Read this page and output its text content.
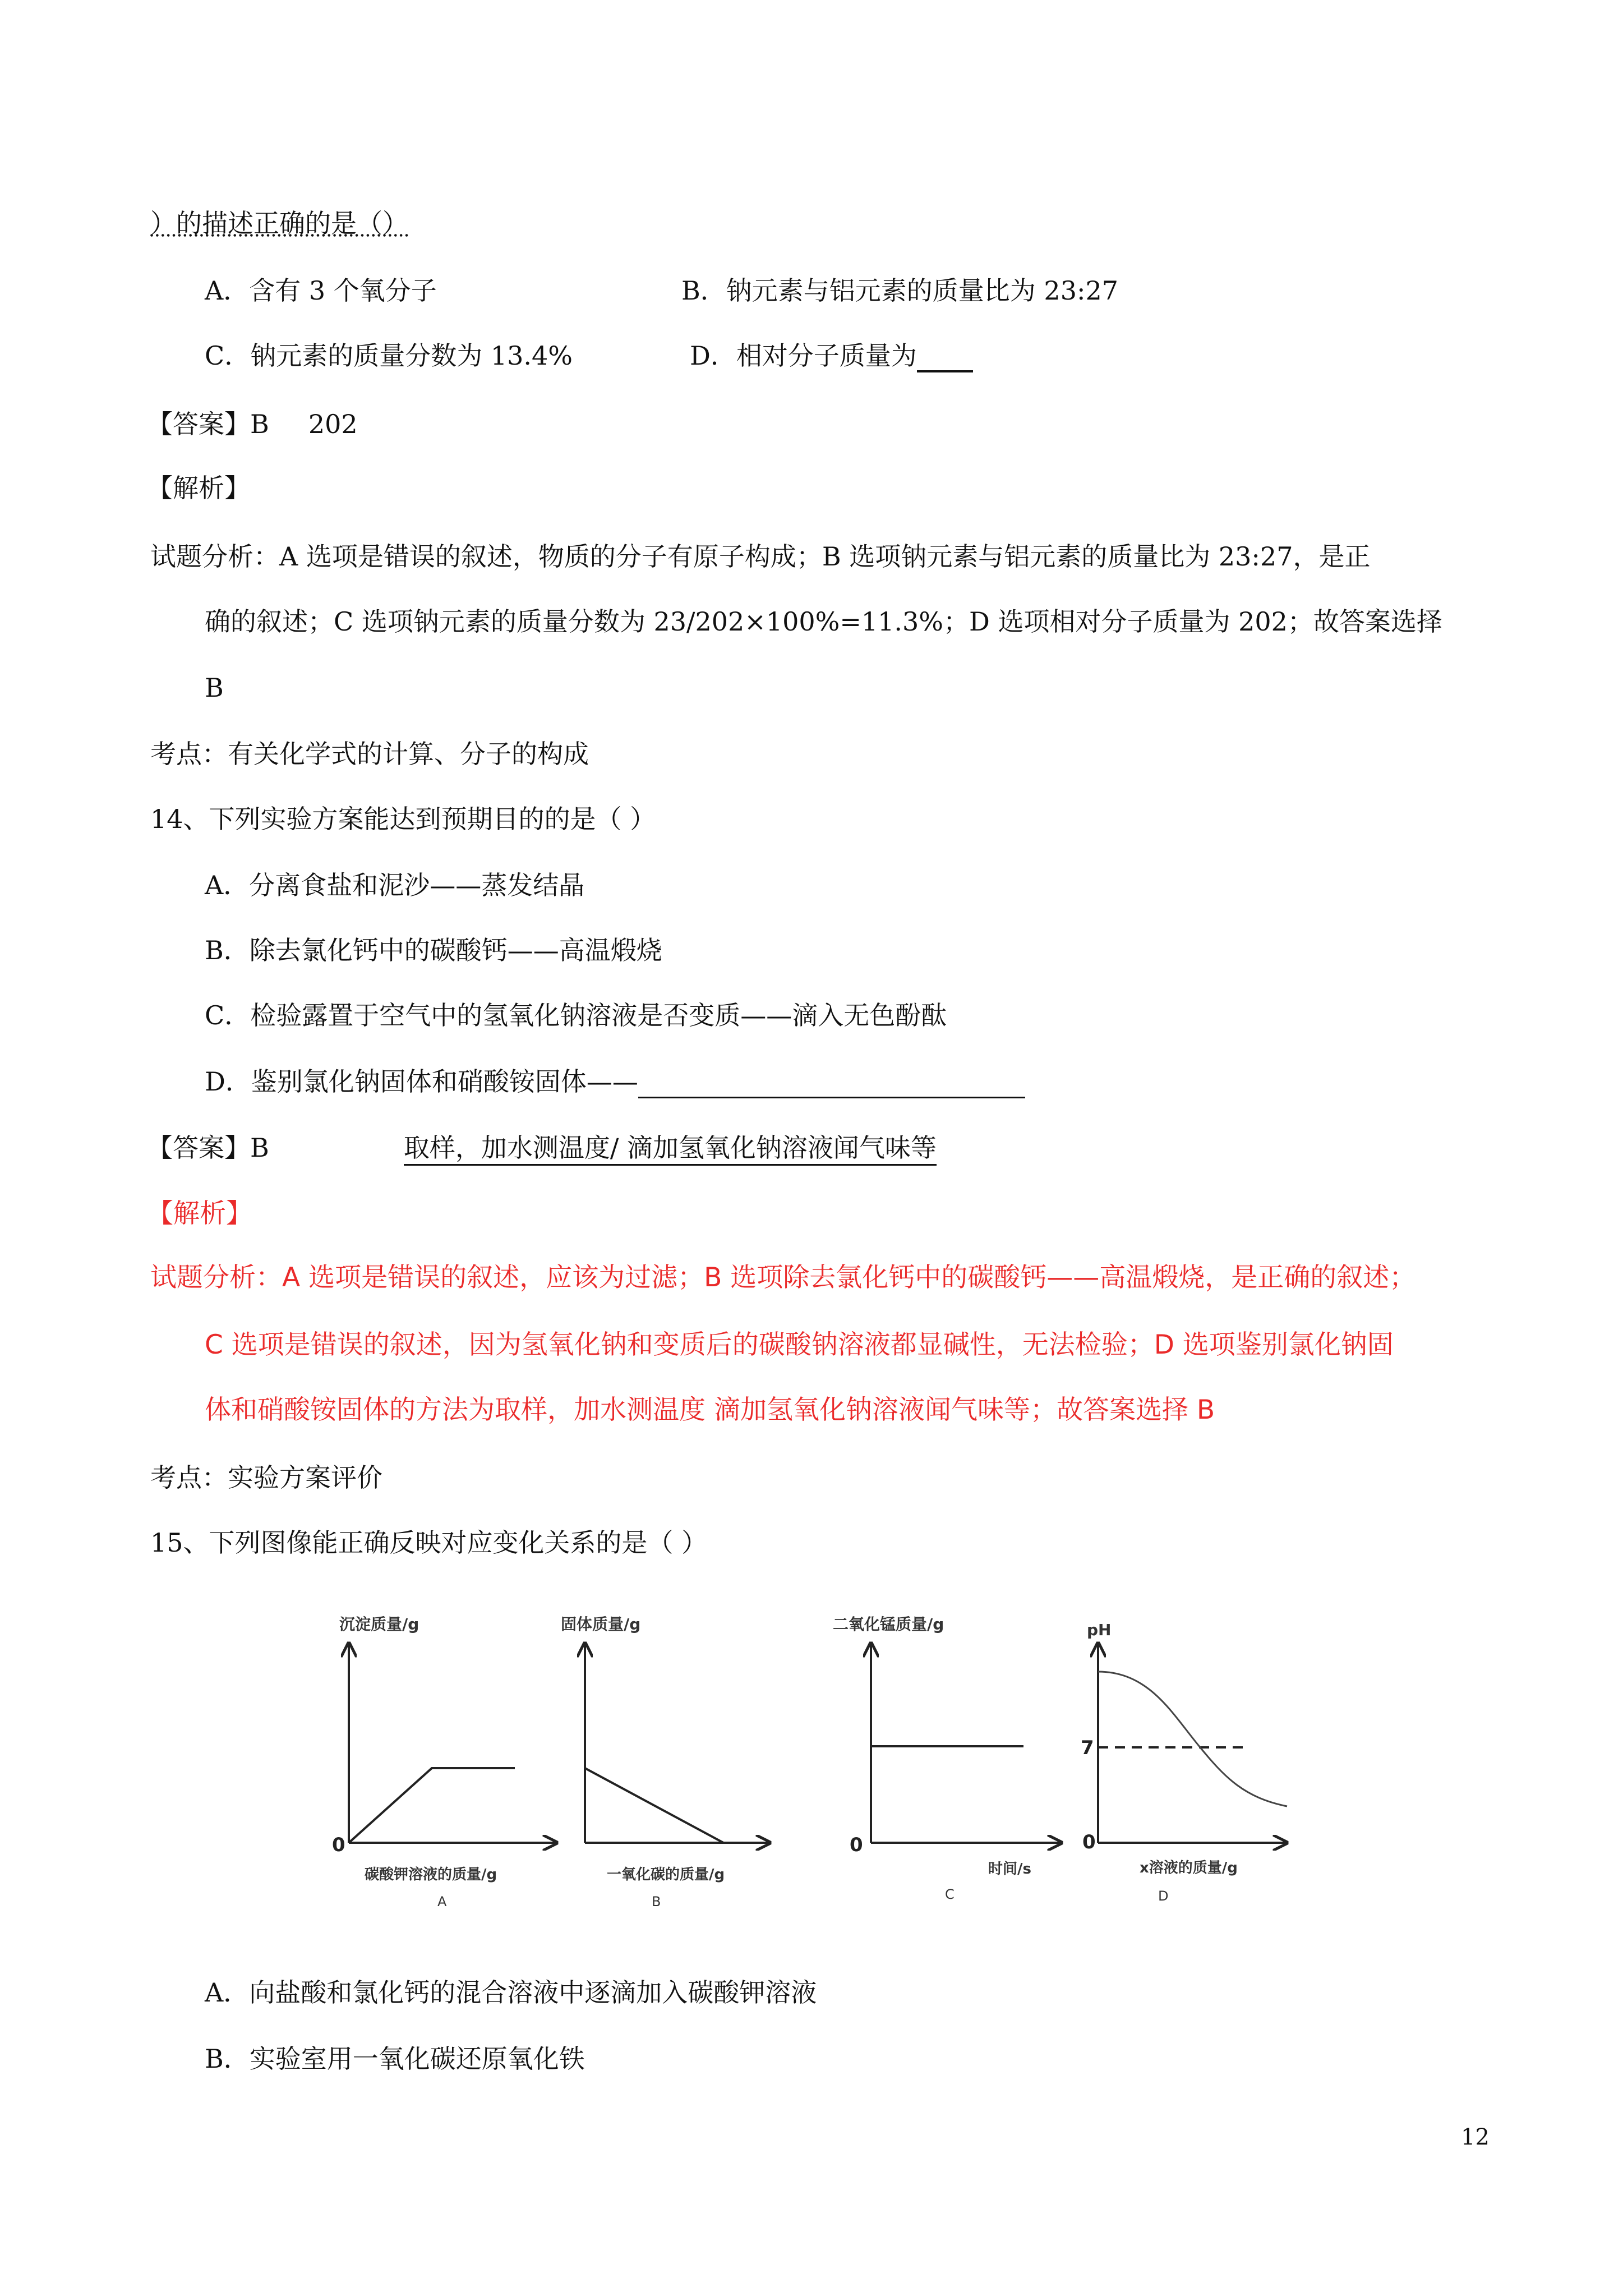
）的描述正确的是（）
A．含有 3 个氧分子	B．钠元素与铝元素的质量比为 23:27
C．钠元素的质量分数为 13.4%	D．相对分子质量为
【答案】B 202
【解析】
试题分析：A 选项是错误的叙述，物质的分子有原子构成；B 选项钠元素与铝元素的质量比为 23:27，是正
确的叙述；C 选项钠元素的质量分数为 23/202×100%=11.3%；D 选项相对分子质量为 202；故答案选择
B
考点：有关化学式的计算、分子的构成
14、下列实验方案能达到预期目的的是（ ）
A．分离食盐和泥沙——蒸发结晶
B．除去氯化钙中的碳酸钙——高温煅烧
C．检验露置于空气中的氢氧化钠溶液是否变质——滴入无色酚酞
D．鉴别氯化钠固体和硝酸铵固体——
【答案】B	取样，加水测温度/ 滴加氢氧化钠溶液闻气味等
【解析】
试题分析：A 选项是错误的叙述，应该为过滤；B 选项除去氯化钙中的碳酸钙——高温煅烧，是正确的叙述；
C 选项是错误的叙述，因为氢氧化钠和变质后的碳酸钠溶液都显碱性，无法检验；D 选项鉴别氯化钠固
体和硝酸铵固体的方法为取样，加水测温度 滴加氢氧化钠溶液闻气味等；故答案选择 B
考点：实验方案评价
15、下列图像能正确反映对应变化关系的是（ ）
沉淀质量/g
0
碳酸钾溶液的质量/g
A
固体质量/g
一氧化碳的质量/g
B
二氧化锰质量/g
0
时间/s
C
pH
0
7
x溶液的质量/g
D
A．向盐酸和氯化钙的混合溶液中逐滴加入碳酸钾溶液
B．实验室用一氧化碳还原氧化铁
12
